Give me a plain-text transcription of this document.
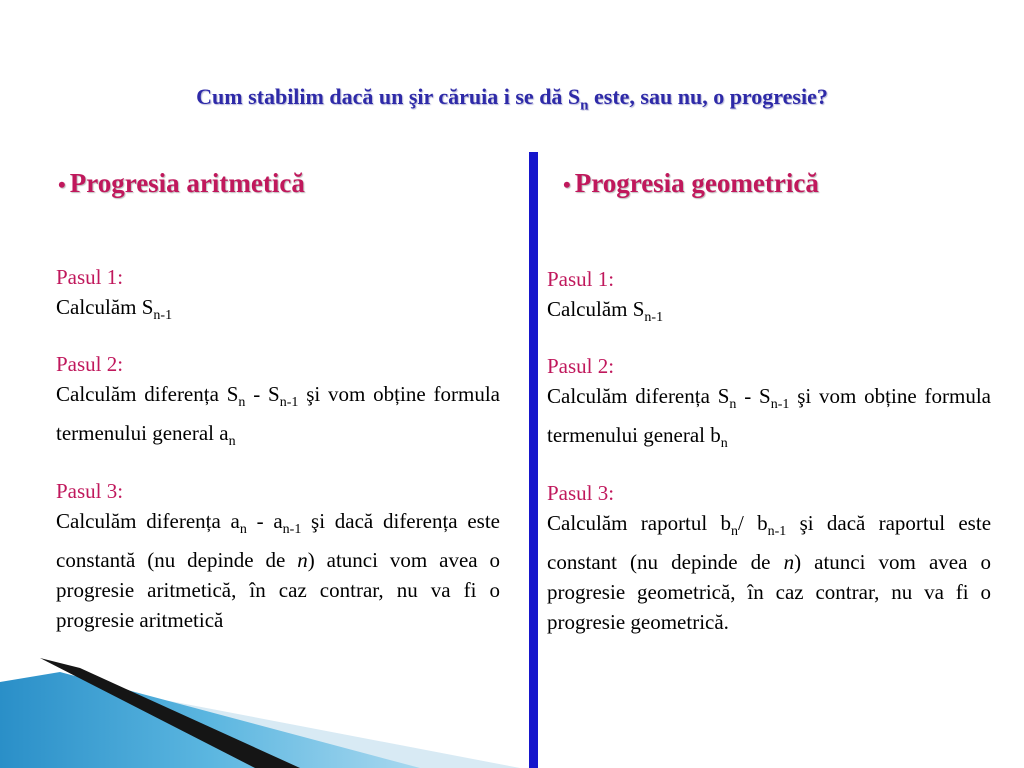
Cum stabilim dacă un şir căruia i se dă $S_n$ este, sau nu, o progresie?
• Progresia aritmetică	• Progresia geometrică
Pasul 1:
Calculăm $S_{n-1}$
Pasul 2:
Calculăm diferența $S_n - S_{n-1}$ şi vom obține formula termenului general $a_n$
Pasul 3:
Calculăm diferența $a_n - a_{n-1}$ şi dacă diferența este constantă (nu depinde de n) atunci vom avea o progresie aritmetică, în caz contrar, nu va fi o progresie aritmetică
Pasul 1:
Calculăm $S_{n-1}$
Pasul 2:
Calculăm diferența $S_n - S_{n-1}$ şi vom obține formula termenului general $b_n$
Pasul 3:
Calculăm raportul $b_n/$ $b_{n-1}$ şi dacă raportul este constant (nu depinde de n) atunci vom avea o progresie geometrică, în caz contrar, nu va fi o progresie geometrică.
